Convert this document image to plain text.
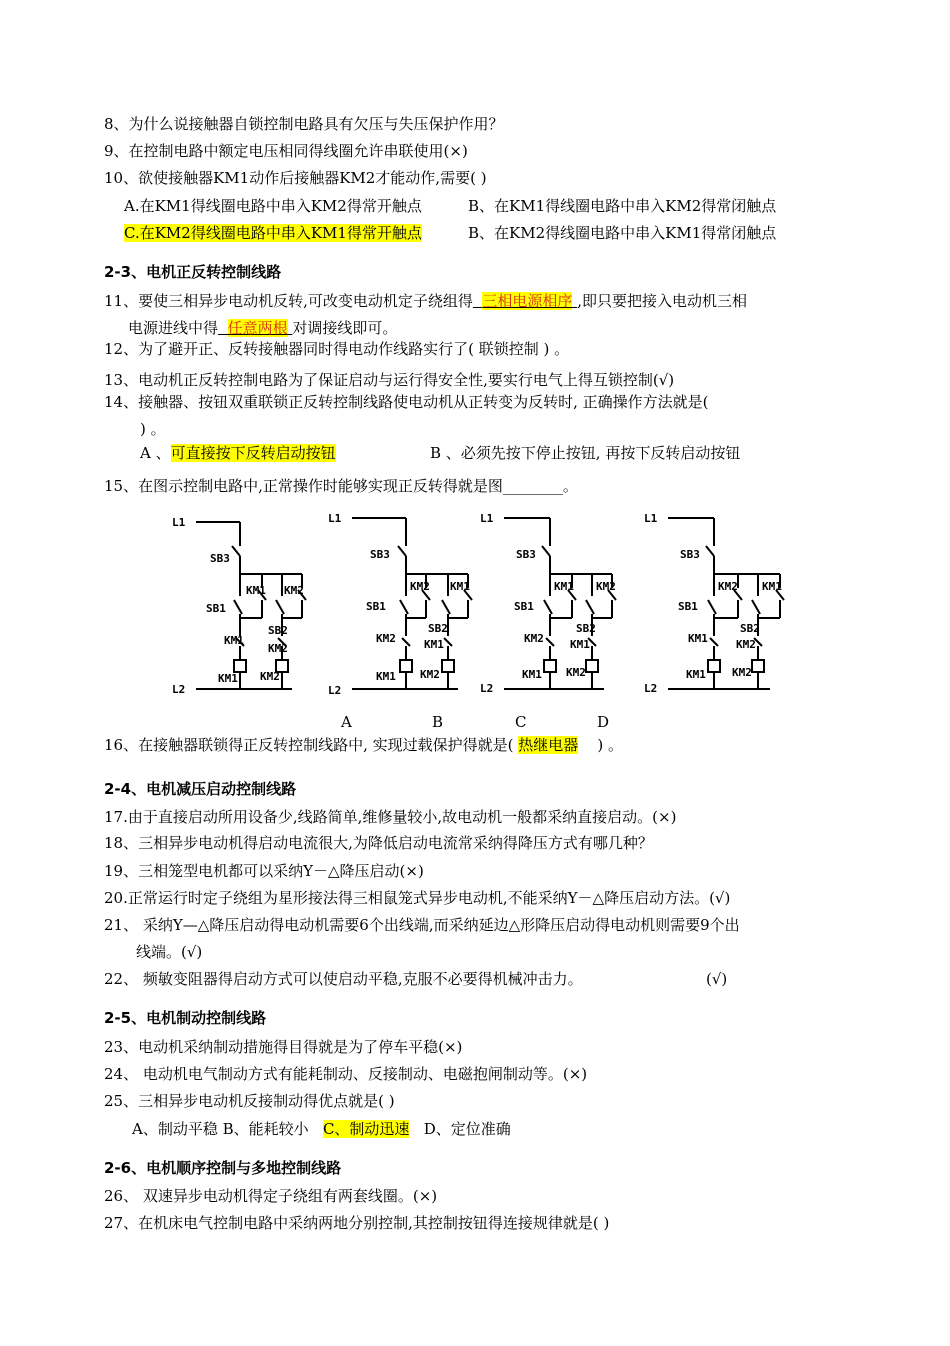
8、为什么说接触器自锁控制电路具有欠压与失压保护作用？
9、在控制电路中额定电压相同得线圈允许串联使用(×)
10、欲使接触器KM1动作后接触器KM2才能动作,需要( )
A.在KM1得线圈电路中串入KM2得常开触点	B、在KM1得线圈电路中串入KM2得常闭触点
C.在KM2得线圈电路中串入KM1得常开触点	B、在KM2得线圈电路中串入KM1得常闭触点
2-3、电机正反转控制线路
11、要使三相异步电动机反转,可改变电动机定子绕组得 三相电源相序 ,即只要把接入电动机三相
电源进线中得 任意两根 对调接线即可。
12、为了避开正、反转接触器同时得电动作线路实行了( 联锁控制 ) 。
13、电动机正反转控制电路为了保证启动与运行得安全性,要实行电气上得互锁控制(√)
14、接触器、按钮双重联锁正反转控制线路使电动机从正转变为反转时, 正确操作方法就是(
) 。
A 、可直接按下反转启动按钮	B 、必须先按下停止按钮, 再按下反转启动按钮
15、在图示控制电路中,正常操作时能够实现正反转得就是图________。
L1
SB3
KM1 KM2
SB1
SB2
KM1
KM2
KM1 KM2
L2
L1
SB3
KM2 KM1
SB1
SB2
KM2	KM1
KM1 KM2
L2
L1
SB3
KM1 KM2
SB1
SB2
KM2 KM1
KM1 KM2
L2
L1
SB3
KM2 KM1
SB1
SB2
KM1	KM2
KM1 KM2
L2
A	B	C	D
16、在接触器联锁得正反转控制线路中, 实现过载保护得就是( 热继电器 ) 。
2-4、电机减压启动控制线路
17.由于直接启动所用设备少,线路简单,维修量较小,故电动机一般都采纳直接启动。(×)
18、三相异步电动机得启动电流很大,为降低启动电流常采纳得降压方式有哪几种？
19、三相笼型电机都可以采纳Y－△降压启动(×)
20.正常运行时定子绕组为星形接法得三相鼠笼式异步电动机,不能采纳Y－△降压启动方法。(√)
21、 采纳Y—△降压启动得电动机需要6个出线端,而采纳延边△形降压启动得电动机则需要9个出
线端。(√)
22、 频敏变阻器得启动方式可以使启动平稳,克服不必要得机械冲击力。	(√)
2-5、电机制动控制线路
23、电动机采纳制动措施得目得就是为了停车平稳(×)
24、 电动机电气制动方式有能耗制动、反接制动、电磁抱闸制动等。(×)
25、三相异步电动机反接制动得优点就是( )
A、制动平稳 B、能耗较小 C、制动迅速 D、定位准确
2-6、电机顺序控制与多地控制线路
26、 双速异步电动机得定子绕组有两套线圈。(×)
27、在机床电气控制电路中采纳两地分别控制,其控制按钮得连接规律就是( )
